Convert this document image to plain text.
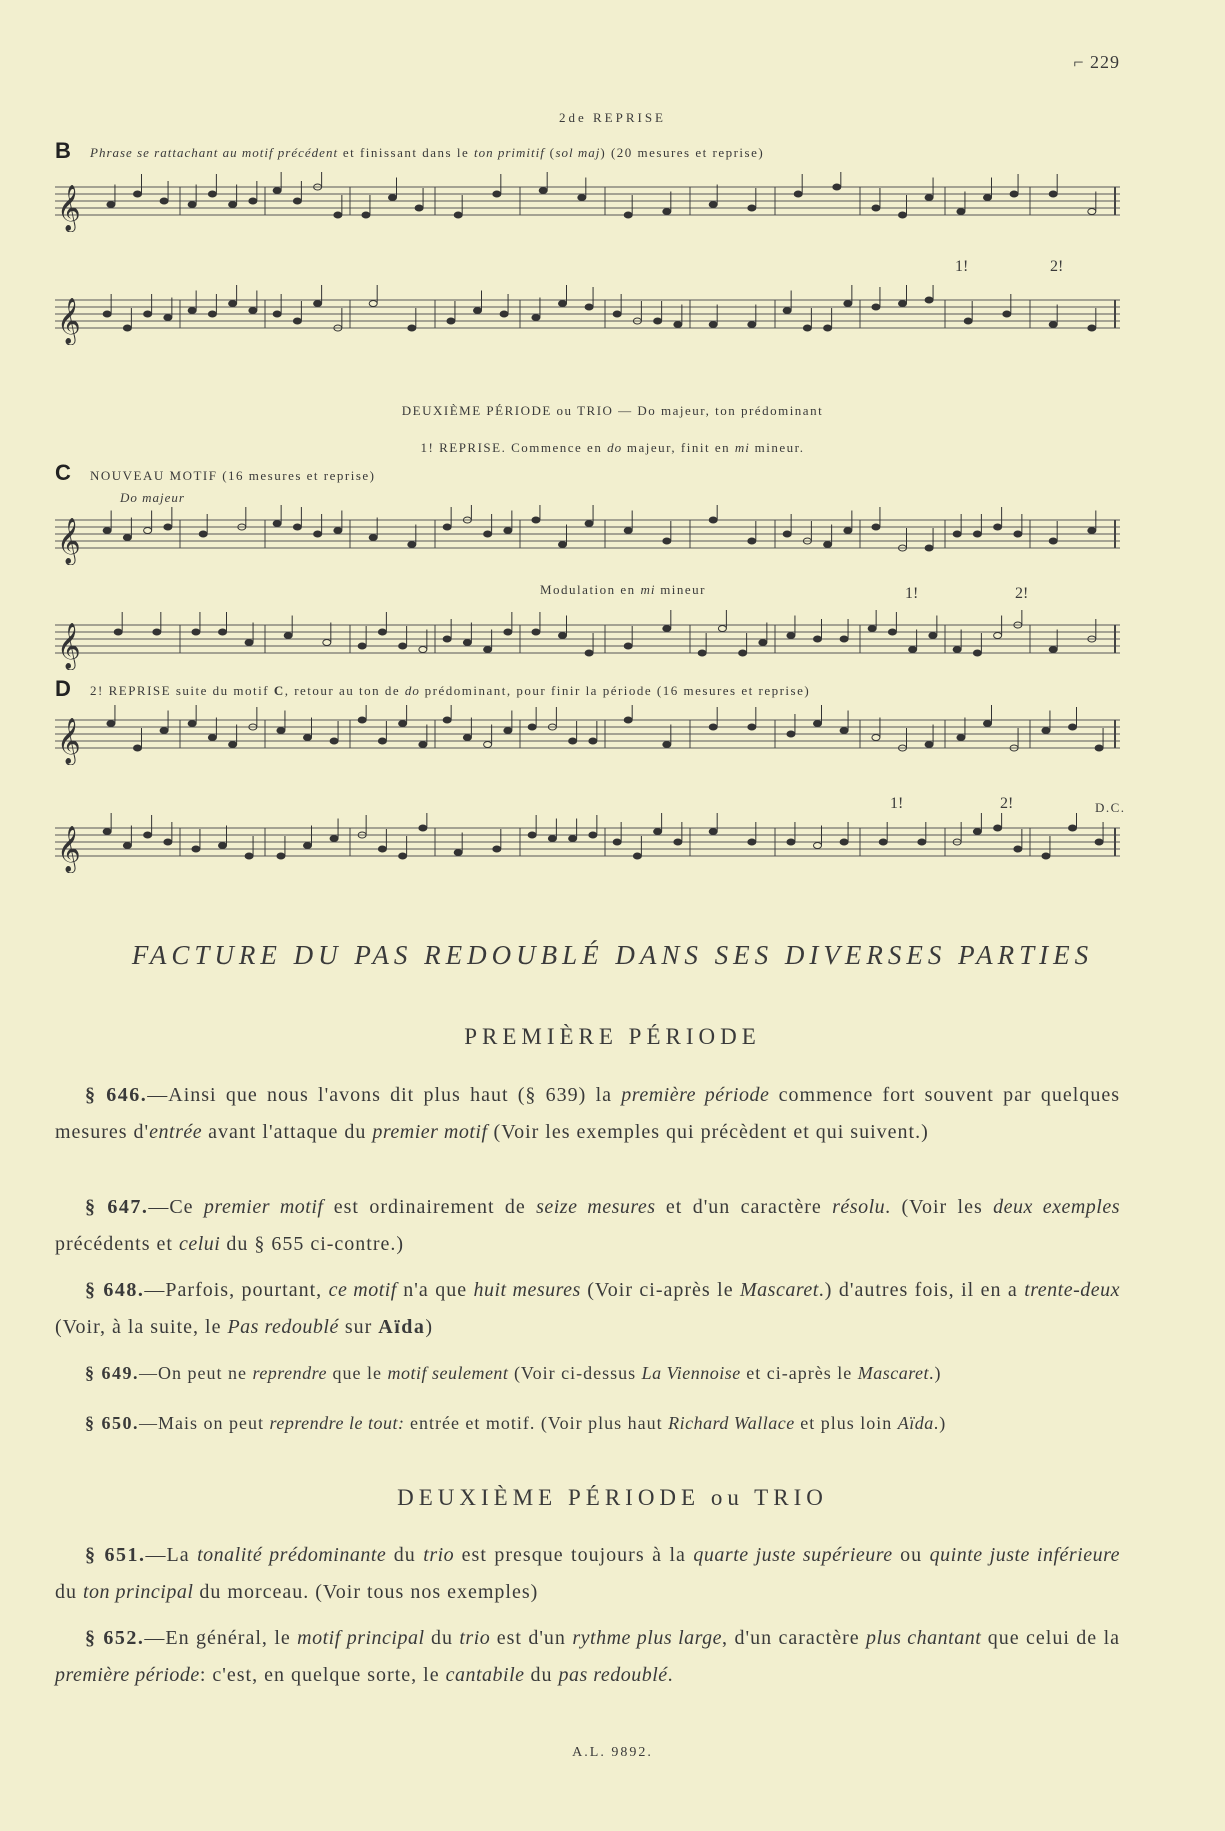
⌐ 229
2de REPRISE
B Phrase se rattachant au motif précédent et finissant dans le ton primitif (sol maj) (20 mesures et reprise)
𝄞
𝄞
1!	2!
DEUXIÈME PÉRIODE ou TRIO — Do majeur, ton prédominant
1! REPRISE. Commence en do majeur, finit en mi mineur.
C NOUVEAU MOTIF (16 mesures et reprise)
Do majeur
𝄞
Modulation en mi mineur	1!	2!
𝄞
D 2! REPRISE suite du motif C, retour au ton de do prédominant, pour finir la période (16 mesures et reprise)
𝄞
1!	2!	D.C.
𝄞
FACTURE DU PAS REDOUBLÉ DANS SES DIVERSES PARTIES
PREMIÈRE PÉRIODE
§ 646.—Ainsi que nous l'avons dit plus haut (§ 639) la première période commence fort souvent par quelques mesures d'entrée avant l'attaque du premier motif (Voir les exemples qui précèdent et qui suivent.)
§ 647.—Ce premier motif est ordinairement de seize mesures et d'un caractère résolu. (Voir les deux exemples précédents et celui du § 655 ci-contre.)
§ 648.—Parfois, pourtant, ce motif n'a que huit mesures (Voir ci-après le Mascaret.) d'autres fois, il en a trente-deux (Voir, à la suite, le Pas redoublé sur Aïda)
§ 649.—On peut ne reprendre que le motif seulement (Voir ci-dessus La Viennoise et ci-après le Mascaret.)
§ 650.—Mais on peut reprendre le tout: entrée et motif. (Voir plus haut Richard Wallace et plus loin Aïda.)
DEUXIÈME PÉRIODE ou TRIO
§ 651.—La tonalité prédominante du trio est presque toujours à la quarte juste supérieure ou quinte juste inférieure du ton principal du morceau. (Voir tous nos exemples)
§ 652.—En général, le motif principal du trio est d'un rythme plus large, d'un caractère plus chantant que celui de la première période: c'est, en quelque sorte, le cantabile du pas redoublé.
A.L. 9892.
